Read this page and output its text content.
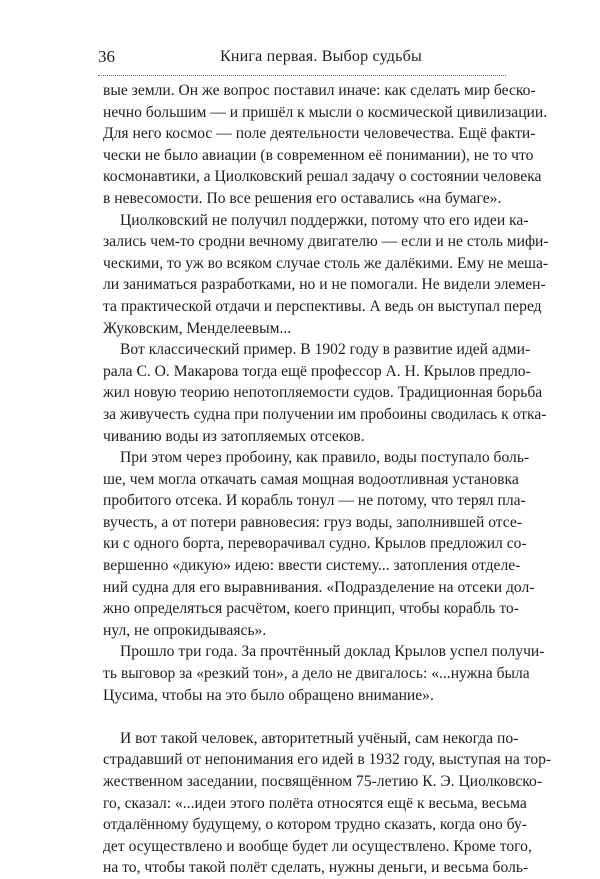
36	Книга первая. Выбор судьбы
вые земли. Он же вопрос поставил иначе: как сделать мир беско-
нечно большим — и пришёл к мысли о космической цивилизации.
Для него космос — поле деятельности человечества. Ещё факти-
чески не было авиации (в современном её понимании), не то что
космонавтики, а Циолковский решал задачу о состоянии человека
в невесомости. По все решения его оставались «на бумаге».
Циолковский не получил поддержки, потому что его идеи ка-
зались чем-то сродни вечному двигателю — если и не столь мифи-
ческими, то уж во всяком случае столь же далёкими. Ему не меша-
ли заниматься разработками, но и не помогали. Не видели элемен-
та практической отдачи и перспективы. А ведь он выступал перед
Жуковским, Менделеевым...
Вот классический пример. В 1902 году в развитие идей адми-
рала С. О. Макарова тогда ещё профессор А. Н. Крылов предло-
жил новую теорию непотопляемости судов. Традиционная борьба
за живучесть судна при получении им пробоины сводилась к отка-
чиванию воды из затопляемых отсеков.
При этом через пробоину, как правило, воды поступало боль-
ше, чем могла откачать самая мощная водоотливная установка
пробитого отсека. И корабль тонул — не потому, что терял пла-
вучесть, а от потери равновесия: груз воды, заполнившей отсе-
ки с одного борта, переворачивал судно. Крылов предложил со-
вершенно «дикую» идею: ввести систему... затопления отделе-
ний судна для его выравнивания. «Подразделение на отсеки дол-
жно определяться расчётом, коего принцип, чтобы корабль то-
нул, не опрокидываясь».
Прошло три года. За прочтённый доклад Крылов успел получи-
ть выговор за «резкий тон», а дело не двигалось: «...нужна была
Цусима, чтобы на это было обращено внимание».
И вот такой человек, авторитетный учёный, сам некогда по-
страдавший от непонимания его идей в 1932 году, выступая на тор-
жественном заседании, посвящённом 75-летию К. Э. Циолковско-
го, сказал: «...идеи этого полёта относятся ещё к весьма, весьма
отдалённому будущему, о котором трудно сказать, когда оно бу-
дет осуществлено и вообще будет ли осуществлено. Кроме того,
на то, чтобы такой полёт сделать, нужны деньги, и весьма боль-
